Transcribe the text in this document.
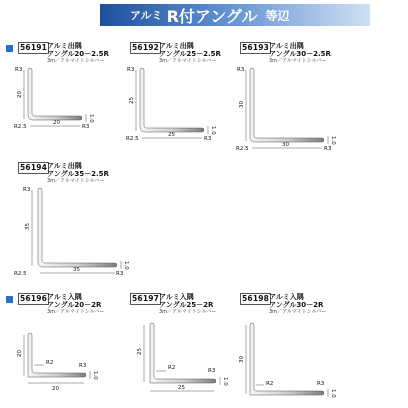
アルミ R付アングル 等辺
56191 アルミ出隅
アングル20－2.5R
3m／アルマイトシルバー
R3
20
20
R2.5	R3
1.0
56192 アルミ出隅
アングル25－2.5R
3m／アルマイトシルバー
R3
25
25
R2.5	R3
1.0
56193 アルミ出隅
アングル30－2.5R
3m／アルマイトシルバー
R3
30
30
R2.5	R3
1.0
56194 アルミ出隅
アングル35－2.5R
3m／アルマイトシルバー
R3
35
35
R2.5	R3
1.0
56196 アルミ入隅
アングル20－2R
3m／アルマイトシルバー
20
R2	R3
1.0
20
56197 アルミ入隅
アングル25－2R
3m／アルマイトシルバー
25
R2	R3
1.0
25
56198 アルミ入隅
アングル30－2R
3m／アルマイトシルバー
30
R2	R3
1.0
